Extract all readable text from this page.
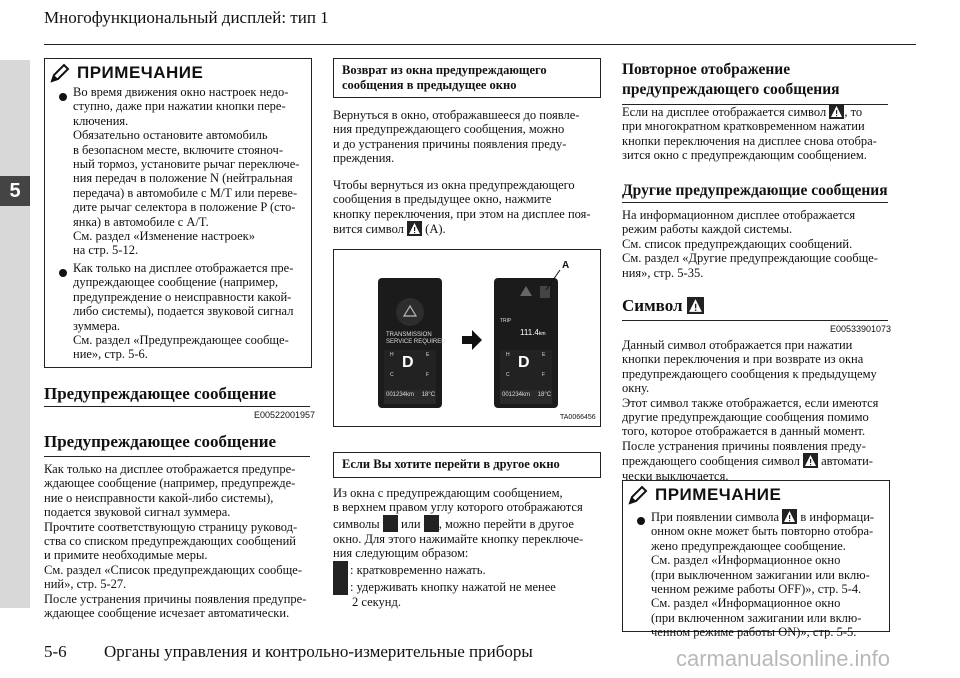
Многофункциональный дисплей: тип 1
5
ПРИМЕЧАНИЕ
Во время движения окно настроек недо-
ступно, даже при нажатии кнопки пере-
ключения.
Обязательно остановите автомобиль
в безопасном месте, включите стояноч-
ный тормоз, установите рычаг переключе-
ния передач в положение N (нейтральная
передача) в автомобиле с M/T или переве-
дите рычаг селектора в положение P (сто-
янка) в автомобиле с A/T.
См. раздел «Изменение настроек»
на стр. 5-12.
Как только на дисплее отображается пре-
дупреждающее сообщение (например,
предупреждение о неисправности какой-
либо системы), подается звуковой сигнал
зуммера.
См. раздел «Предупреждающее сообще-
ние», стр. 5-6.
Предупреждающее сообщение
E00522001957
Предупреждающее сообщение
Как только на дисплее отображается предупре-
ждающее сообщение (например, предупрежде-
ние о неисправности какой-либо системы),
подается звуковой сигнал зуммера.
Прочтите соответствующую страницу руковод-
ства со списком предупреждающих сообщений
и примите необходимые меры.
См. раздел «Список предупреждающих сообще-
ний», стр. 5-27.
После устранения причины появления предупре-
ждающее сообщение исчезает автоматически.
Возврат из окна предупреждающего
сообщения в предыдущее окно
Вернуться в окно, отображавшееся до появле-
ния предупреждающего сообщения, можно
и до устранения причины появления преду-
преждения.
Чтобы вернуться из окна предупреждающего
сообщения в предыдущее окно, нажмите
кнопку переключения, при этом на дисплее поя-
вится символ (A).
TRANSMISSION
SERVICE REQUIRED
H
C
D E
F
001234km 18°C
TRIP
111.4km
H
C
D E
F
001234km 18°C
A
TA0066456
Если Вы хотите перейти в другое окно
Из окна с предупреждающим сообщением,
в верхнем правом углу которого отображаются
символы или , можно перейти в другое
окно. Для этого нажимайте кнопку переключе-
ния следующим образом:
: кратковременно нажать.
: удерживать кнопку нажатой не менее
2 секунд.
Повторное отображение
предупреждающего сообщения
Если на дисплее отображается символ , то
при многократном кратковременном нажатии
кнопки переключения на дисплее снова отобра-
зится окно с предупреждающим сообщением.
Другие предупреждающие сообщения
На информационном дисплее отображается
режим работы каждой системы.
См. список предупреждающих сообщений.
См. раздел «Другие предупреждающие сообще-
ния», стр. 5-35.
Символ
E00533901073
Данный символ отображается при нажатии
кнопки переключения и при возврате из окна
предупреждающего сообщения к предыдущему
окну.
Этот символ также отображается, если имеются
другие предупреждающие сообщения помимо
того, которое отображается в данный момент.
После устранения причины появления преду-
преждающего сообщения символ автомати-
чески выключается.
ПРИМЕЧАНИЕ
При появлении символа в информаци-
онном окне может быть повторно отобра-
жено предупреждающее сообщение.
См. раздел «Информационное окно
(при выключенном зажигании или вклю-
ченном режиме работы OFF)», стр. 5-4.
См. раздел «Информационное окно
(при включенном зажигании или вклю-
ченном режиме работы ON)», стр. 5-5.
5-6 Органы управления и контрольно-измерительные приборы	carmanualsonline.info
